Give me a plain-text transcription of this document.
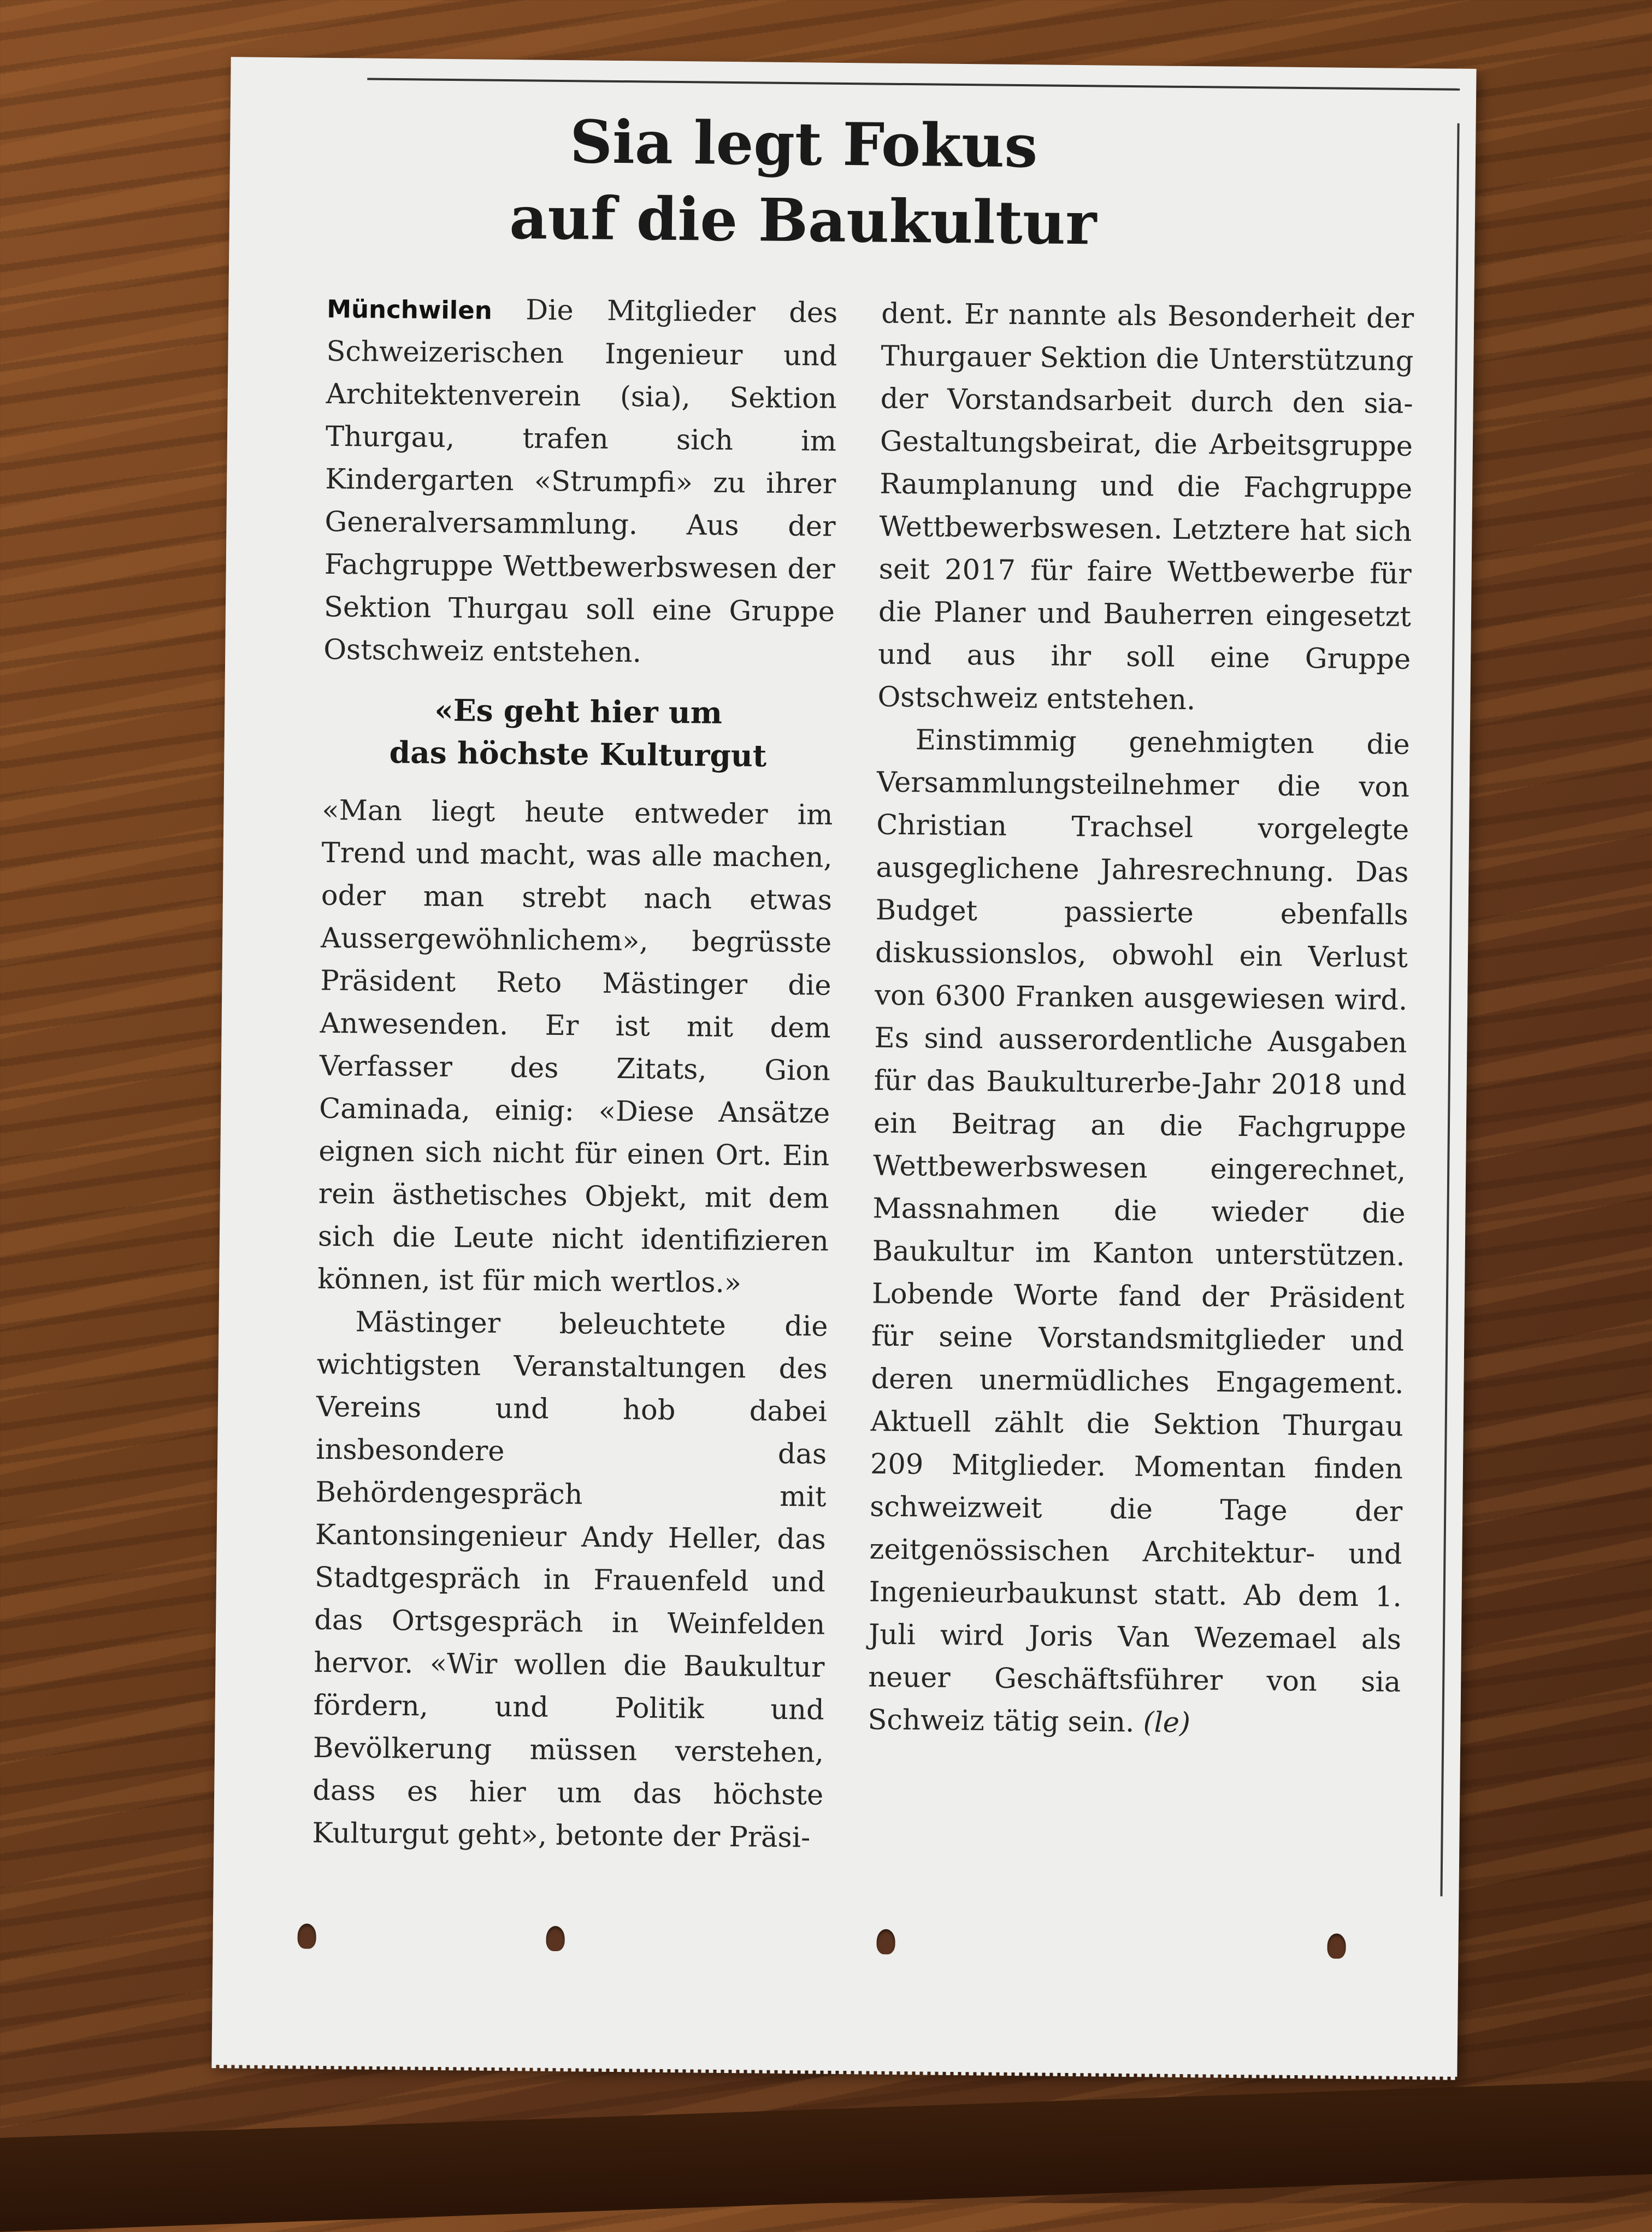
Sia legt Fokus
auf die Baukultur

Münchwilen Die Mitglieder des Schweizerischen Ingenieur und Architektenverein (sia), Sektion Thurgau, trafen sich im Kindergarten «Strumpfi» zu ihrer Generalversammlung. Aus der Fachgruppe Wettbewerbswesen der Sektion Thurgau soll eine Gruppe Ostschweiz entstehen.

«Es geht hier um
das höchste Kulturgut

«Man liegt heute entweder im Trend und macht, was alle machen, oder man strebt nach etwas Aussergewöhnlichem», begrüsste Präsident Reto Mästinger die Anwesenden. Er ist mit dem Verfasser des Zitats, Gion Caminada, einig: «Diese Ansätze eignen sich nicht für einen Ort. Ein rein ästhetisches Objekt, mit dem sich die Leute nicht identifizieren können, ist für mich wertlos.»

Mästinger beleuchtete die wichtigsten Veranstaltungen des Vereins und hob dabei insbesondere das Behördengespräch mit Kantonsingenieur Andy Heller, das Stadtgespräch in Frauenfeld und das Ortsgespräch in Weinfelden hervor. «Wir wollen die Baukultur fördern, und Politik und Bevölkerung müssen verstehen, dass es hier um das höchste Kulturgut geht», betonte der Präsi-

dent. Er nannte als Besonderheit der Thurgauer Sektion die Unterstützung der Vorstandsarbeit durch den sia-Gestaltungsbeirat, die Arbeitsgruppe Raumplanung und die Fachgruppe Wettbewerbswesen. Letztere hat sich seit 2017 für faire Wettbewerbe für die Planer und Bauherren eingesetzt und aus ihr soll eine Gruppe Ostschweiz entstehen.

Einstimmig genehmigten die Versammlungsteilnehmer die von Christian Trachsel vorgelegte ausgeglichene Jahresrechnung. Das Budget passierte ebenfalls diskussionslos, obwohl ein Verlust von 6300 Franken ausgewiesen wird. Es sind ausserordentliche Ausgaben für das Baukulturerbe-Jahr 2018 und ein Beitrag an die Fachgruppe Wettbewerbswesen eingerechnet, Massnahmen die wieder die Baukultur im Kanton unterstützen. Lobende Worte fand der Präsident für seine Vorstandsmitglieder und deren unermüdliches Engagement. Aktuell zählt die Sektion Thurgau 209 Mitglieder. Momentan finden schweizweit die Tage der zeitgenössischen Architektur- und Ingenieurbaukunst statt. Ab dem 1. Juli wird Joris Van Wezemael als neuer Geschäftsführer von sia Schweiz tätig sein. (le)
